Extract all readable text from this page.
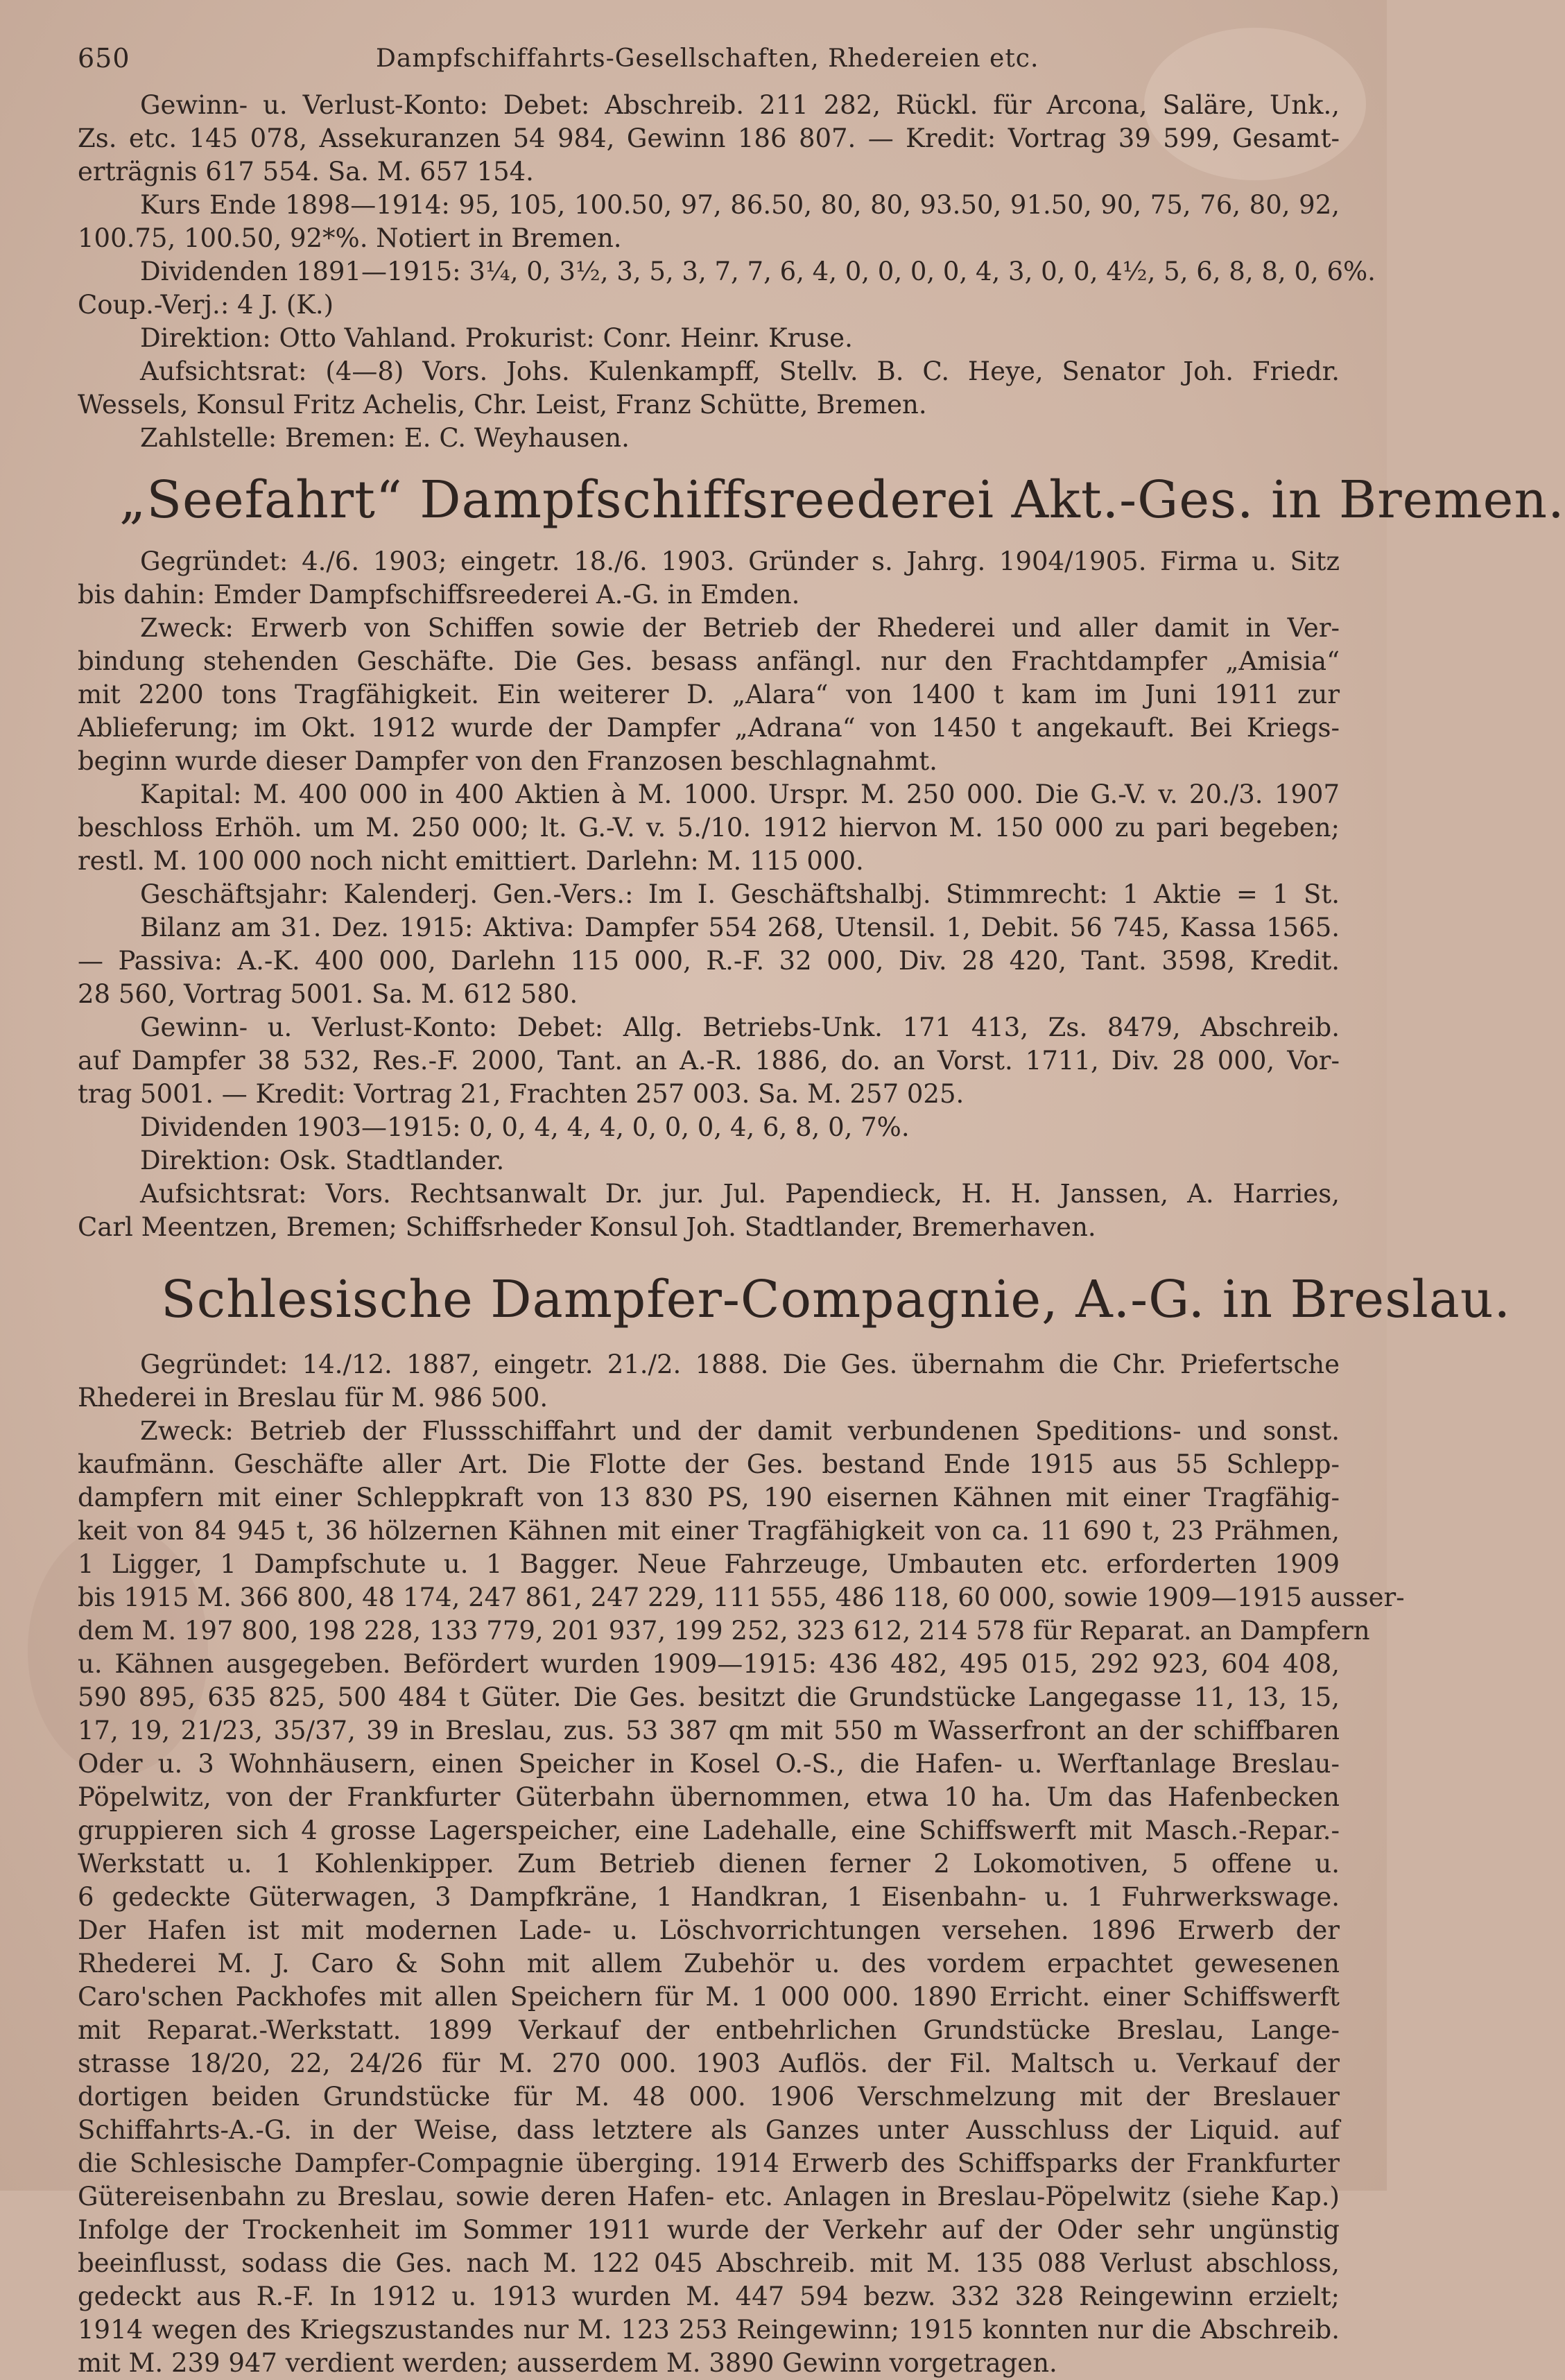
650	Dampfschiffahrts-Gesellschaften, Rhedereien etc.
Gewinn- u. Verlust-Konto: Debet: Abschreib. 211 282, Rückl. für Arcona, Saläre, Unk.,
Zs. etc. 145 078, Assekuranzen 54 984, Gewinn 186 807. — Kredit: Vortrag 39 599, Gesamt-
erträgnis 617 554. Sa. M. 657 154.
Kurs Ende 1898—1914: 95, 105, 100.50, 97, 86.50, 80, 80, 93.50, 91.50, 90, 75, 76, 80, 92,
100.75, 100.50, 92*%. Notiert in Bremen.
Dividenden 1891—1915: 3¼, 0, 3½, 3, 5, 3, 7, 7, 6, 4, 0, 0, 0, 0, 4, 3, 0, 0, 4½, 5, 6, 8, 8, 0, 6%.
Coup.-Verj.: 4 J. (K.)
Direktion: Otto Vahland. Prokurist: Conr. Heinr. Kruse.
Aufsichtsrat: (4—8) Vors. Johs. Kulenkampff, Stellv. B. C. Heye, Senator Joh. Friedr.
Wessels, Konsul Fritz Achelis, Chr. Leist, Franz Schütte, Bremen.
Zahlstelle: Bremen: E. C. Weyhausen.
„Seefahrt“ Dampfschiffsreederei Akt.-Ges. in Bremen.
Gegründet: 4./6. 1903; eingetr. 18./6. 1903. Gründer s. Jahrg. 1904/1905. Firma u. Sitz
bis dahin: Emder Dampfschiffsreederei A.-G. in Emden.
Zweck: Erwerb von Schiffen sowie der Betrieb der Rhederei und aller damit in Ver-
bindung stehenden Geschäfte. Die Ges. besass anfängl. nur den Frachtdampfer „Amisia“
mit 2200 tons Tragfähigkeit. Ein weiterer D. „Alara“ von 1400 t kam im Juni 1911 zur
Ablieferung; im Okt. 1912 wurde der Dampfer „Adrana“ von 1450 t angekauft. Bei Kriegs-
beginn wurde dieser Dampfer von den Franzosen beschlagnahmt.
Kapital: M. 400 000 in 400 Aktien à M. 1000. Urspr. M. 250 000. Die G.-V. v. 20./3. 1907
beschloss Erhöh. um M. 250 000; lt. G.-V. v. 5./10. 1912 hiervon M. 150 000 zu pari begeben;
restl. M. 100 000 noch nicht emittiert. Darlehn: M. 115 000.
Geschäftsjahr: Kalenderj. Gen.-Vers.: Im I. Geschäftshalbj. Stimmrecht: 1 Aktie = 1 St.
Bilanz am 31. Dez. 1915: Aktiva: Dampfer 554 268, Utensil. 1, Debit. 56 745, Kassa 1565.
— Passiva: A.-K. 400 000, Darlehn 115 000, R.-F. 32 000, Div. 28 420, Tant. 3598, Kredit.
28 560, Vortrag 5001. Sa. M. 612 580.
Gewinn- u. Verlust-Konto: Debet: Allg. Betriebs-Unk. 171 413, Zs. 8479, Abschreib.
auf Dampfer 38 532, Res.-F. 2000, Tant. an A.-R. 1886, do. an Vorst. 1711, Div. 28 000, Vor-
trag 5001. — Kredit: Vortrag 21, Frachten 257 003. Sa. M. 257 025.
Dividenden 1903—1915: 0, 0, 4, 4, 4, 0, 0, 0, 4, 6, 8, 0, 7%.
Direktion: Osk. Stadtlander.
Aufsichtsrat: Vors. Rechtsanwalt Dr. jur. Jul. Papendieck, H. H. Janssen, A. Harries,
Carl Meentzen, Bremen; Schiffsrheder Konsul Joh. Stadtlander, Bremerhaven.
Schlesische Dampfer-Compagnie, A.-G. in Breslau.
Gegründet: 14./12. 1887, eingetr. 21./2. 1888. Die Ges. übernahm die Chr. Priefertsche
Rhederei in Breslau für M. 986 500.
Zweck: Betrieb der Flussschiffahrt und der damit verbundenen Speditions- und sonst.
kaufmänn. Geschäfte aller Art. Die Flotte der Ges. bestand Ende 1915 aus 55 Schlepp-
dampfern mit einer Schleppkraft von 13 830 PS, 190 eisernen Kähnen mit einer Tragfähig-
keit von 84 945 t, 36 hölzernen Kähnen mit einer Tragfähigkeit von ca. 11 690 t, 23 Prähmen,
1 Ligger, 1 Dampfschute u. 1 Bagger. Neue Fahrzeuge, Umbauten etc. erforderten 1909
bis 1915 M. 366 800, 48 174, 247 861, 247 229, 111 555, 486 118, 60 000, sowie 1909—1915 ausser-
dem M. 197 800, 198 228, 133 779, 201 937, 199 252, 323 612, 214 578 für Reparat. an Dampfern
u. Kähnen ausgegeben. Befördert wurden 1909—1915: 436 482, 495 015, 292 923, 604 408,
590 895, 635 825, 500 484 t Güter. Die Ges. besitzt die Grundstücke Langegasse 11, 13, 15,
17, 19, 21/23, 35/37, 39 in Breslau, zus. 53 387 qm mit 550 m Wasserfront an der schiffbaren
Oder u. 3 Wohnhäusern, einen Speicher in Kosel O.-S., die Hafen- u. Werftanlage Breslau-
Pöpelwitz, von der Frankfurter Güterbahn übernommen, etwa 10 ha. Um das Hafenbecken
gruppieren sich 4 grosse Lagerspeicher, eine Ladehalle, eine Schiffswerft mit Masch.-Repar.-
Werkstatt u. 1 Kohlenkipper. Zum Betrieb dienen ferner 2 Lokomotiven, 5 offene u.
6 gedeckte Güterwagen, 3 Dampfkräne, 1 Handkran, 1 Eisenbahn- u. 1 Fuhrwerkswage.
Der Hafen ist mit modernen Lade- u. Löschvorrichtungen versehen. 1896 Erwerb der
Rhederei M. J. Caro & Sohn mit allem Zubehör u. des vordem erpachtet gewesenen
Caro'schen Packhofes mit allen Speichern für M. 1 000 000. 1890 Erricht. einer Schiffswerft
mit Reparat.-Werkstatt. 1899 Verkauf der entbehrlichen Grundstücke Breslau, Lange-
strasse 18/20, 22, 24/26 für M. 270 000. 1903 Auflös. der Fil. Maltsch u. Verkauf der
dortigen beiden Grundstücke für M. 48 000. 1906 Verschmelzung mit der Breslauer
Schiffahrts-A.-G. in der Weise, dass letztere als Ganzes unter Ausschluss der Liquid. auf
die Schlesische Dampfer-Compagnie überging. 1914 Erwerb des Schiffsparks der Frankfurter
Gütereisenbahn zu Breslau, sowie deren Hafen- etc. Anlagen in Breslau-Pöpelwitz (siehe Kap.)
Infolge der Trockenheit im Sommer 1911 wurde der Verkehr auf der Oder sehr ungünstig
beeinflusst, sodass die Ges. nach M. 122 045 Abschreib. mit M. 135 088 Verlust abschloss,
gedeckt aus R.-F. In 1912 u. 1913 wurden M. 447 594 bezw. 332 328 Reingewinn erzielt;
1914 wegen des Kriegszustandes nur M. 123 253 Reingewinn; 1915 konnten nur die Abschreib.
mit M. 239 947 verdient werden; ausserdem M. 3890 Gewinn vorgetragen.
